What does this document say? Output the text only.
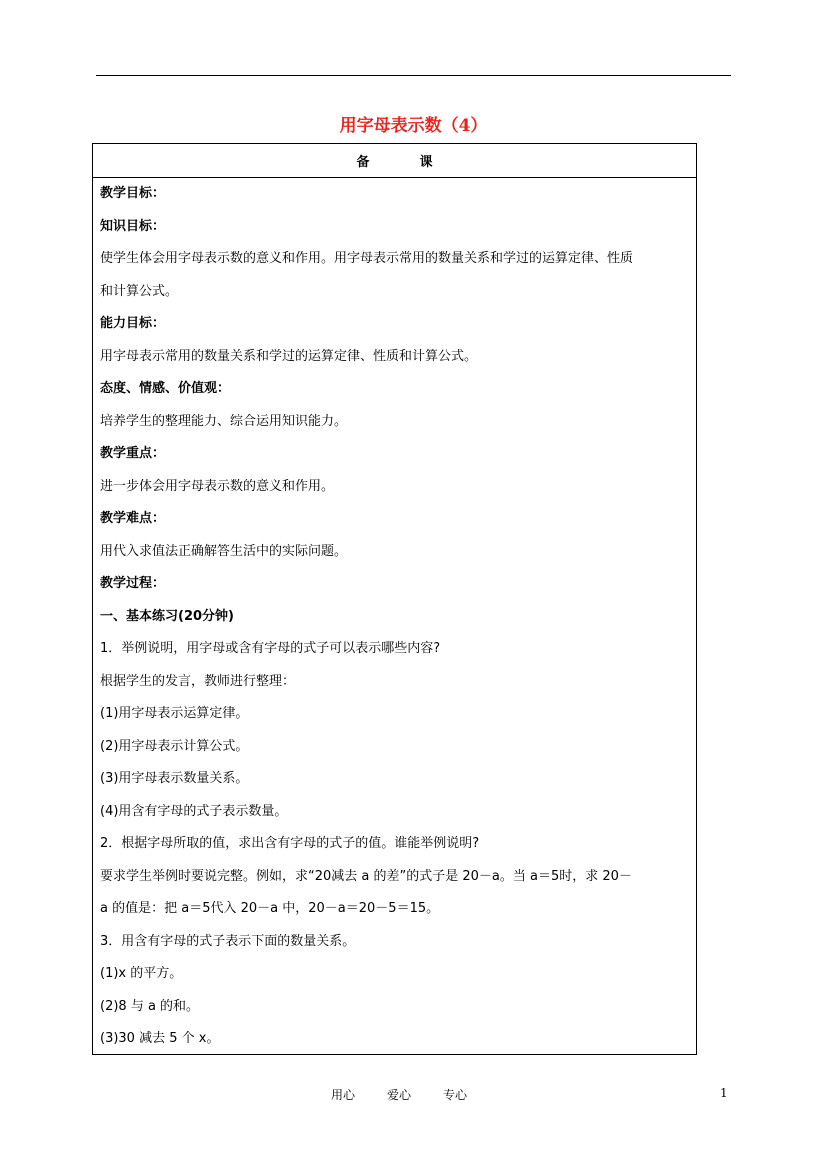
用字母表示数（4）
备课
教学目标：
知识目标：
使学生体会用字母表示数的意义和作用。用字母表示常用的数量关系和学过的运算定律、性质
和计算公式。
能力目标：
用字母表示常用的数量关系和学过的运算定律、性质和计算公式。
态度、情感、价值观：
培养学生的整理能力、综合运用知识能力。
教学重点：
进一步体会用字母表示数的意义和作用。
教学难点：
用代入求值法正确解答生活中的实际问题。
教学过程：
一、基本练习(20分钟)
1．举例说明，用字母或含有字母的式子可以表示哪些内容?
根据学生的发言，教师进行整理：
(1)用字母表示运算定律。
(2)用字母表示计算公式。
(3)用字母表示数量关系。
(4)用含有字母的式子表示数量。
2．根据字母所取的值，求出含有字母的式子的值。谁能举例说明?
要求学生举例时要说完整。例如，求“20减去 a 的差”的式子是 20－a。当 a＝5时，求 20－
a 的值是：把 a＝5代入 20－a 中，20－a＝20－5＝15。
3．用含有字母的式子表示下面的数量关系。
(1)x 的平方。
(2)8 与 a 的和。
(3)30 减去 5 个 x。
用心	爱心	专心	1
